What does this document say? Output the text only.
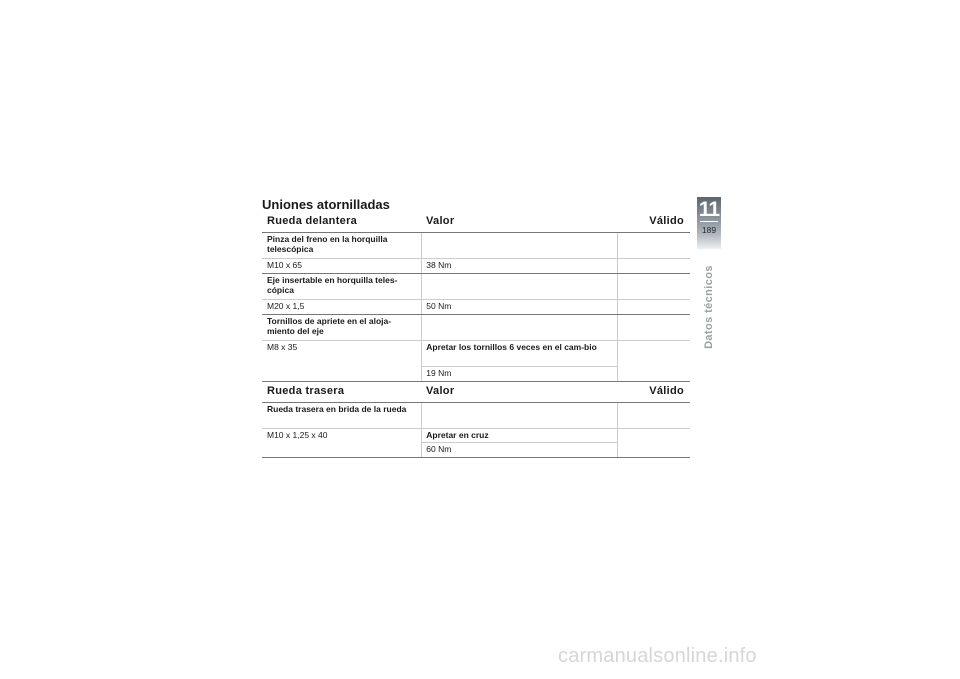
Uniones atornilladas
Rueda delantera	Valor	Válido
Pinza del freno en la horquilla telescópica
M10 x 65	38 Nm
Eje insertable en horquilla teles-cópica
M20 x 1,5	50 Nm
Tornillos de apriete en el aloja-miento del eje
M8 x 35	Apretar los tornillos 6 veces en el cam-bio
19 Nm
Rueda trasera	Valor	Válido
Rueda trasera en brida de la rueda
M10 x 1,25 x 40	Apretar en cruz
60 Nm
11
189
Datos técnicos
carmanualsonline.info
